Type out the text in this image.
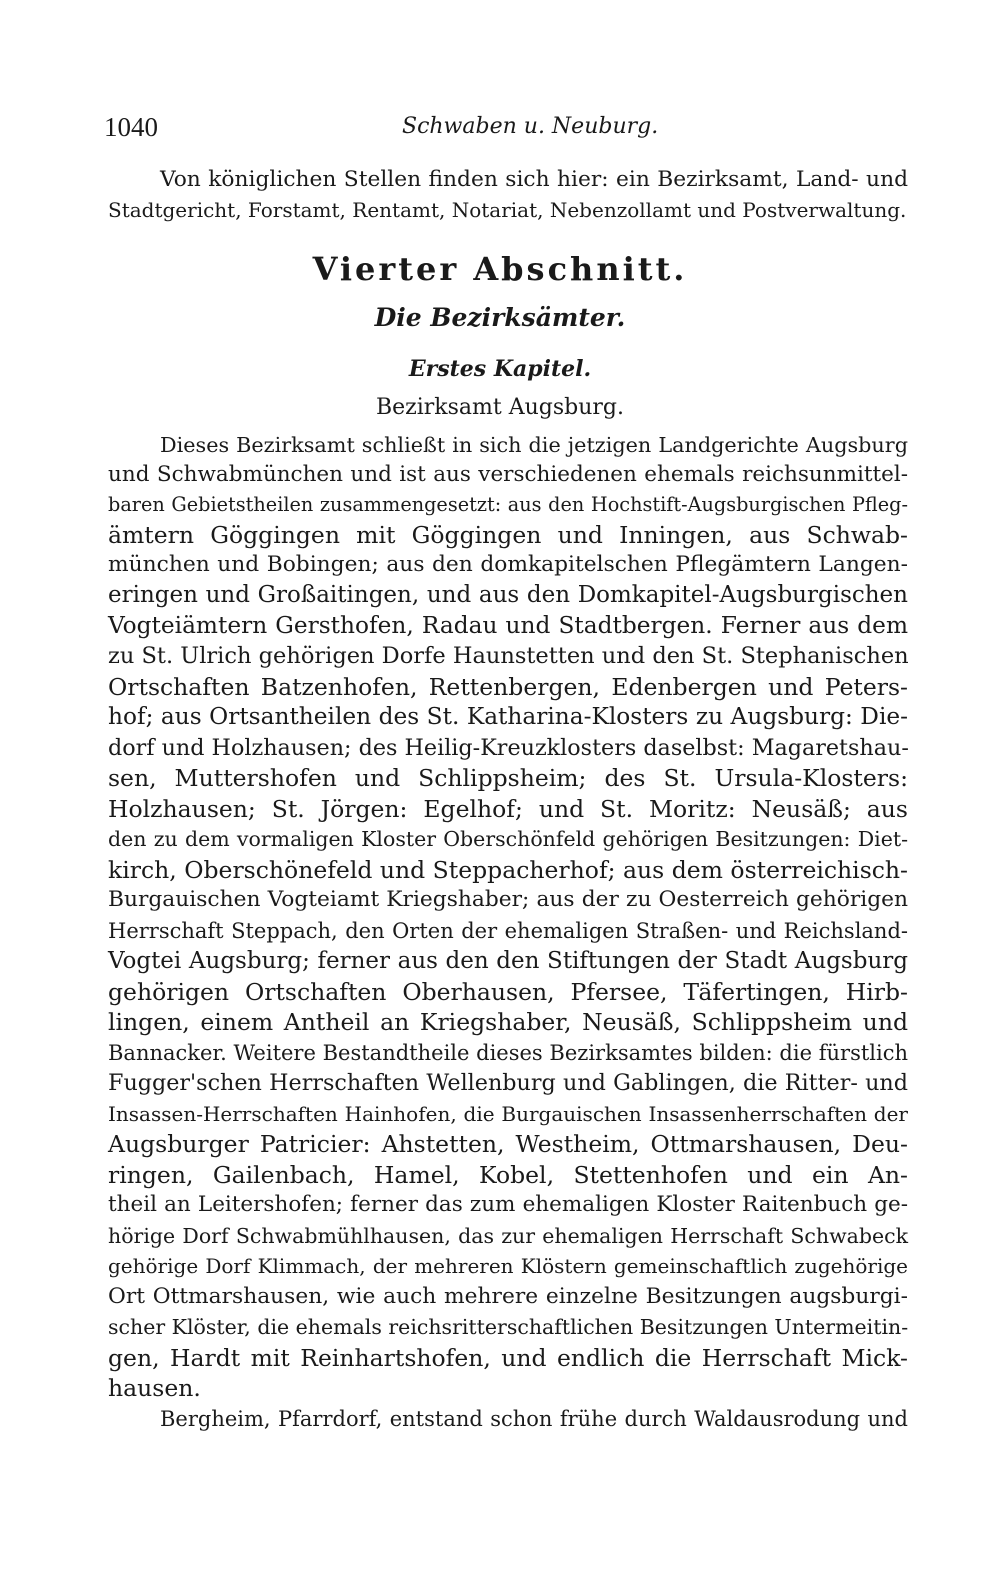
1040	Schwaben u. Neuburg.
Von königlichen Stellen finden sich hier: ein Bezirksamt, Land- und
Stadtgericht, Forstamt, Rentamt, Notariat, Nebenzollamt und Postverwaltung.
Vierter Abschnitt.
Die Bezirksämter.
Erstes Kapitel.
Bezirksamt Augsburg.
Dieses Bezirksamt schließt in sich die jetzigen Landgerichte Augsburg
und Schwabmünchen und ist aus verschiedenen ehemals reichsunmittel-
baren Gebietstheilen zusammengesetzt: aus den Hochstift-Augsburgischen Pfleg-
ämtern Göggingen mit Göggingen und Inningen, aus Schwab-
münchen und Bobingen; aus den domkapitelschen Pflegämtern Langen-
eringen und Großaitingen, und aus den Domkapitel-Augsburgischen
Vogteiämtern Gersthofen, Radau und Stadtbergen. Ferner aus dem
zu St. Ulrich gehörigen Dorfe Haunstetten und den St. Stephanischen
Ortschaften Batzenhofen, Rettenbergen, Edenbergen und Peters-
hof; aus Ortsantheilen des St. Katharina-Klosters zu Augsburg: Die-
dorf und Holzhausen; des Heilig-Kreuzklosters daselbst: Magaretshau-
sen, Muttershofen und Schlippsheim; des St. Ursula-Klosters:
Holzhausen; St. Jörgen: Egelhof; und St. Moritz: Neusäß; aus
den zu dem vormaligen Kloster Oberschönfeld gehörigen Besitzungen: Diet-
kirch, Oberschönefeld und Steppacherhof; aus dem österreichisch-
Burgauischen Vogteiamt Kriegshaber; aus der zu Oesterreich gehörigen
Herrschaft Steppach, den Orten der ehemaligen Straßen- und Reichsland-
Vogtei Augsburg; ferner aus den den Stiftungen der Stadt Augsburg
gehörigen Ortschaften Oberhausen, Pfersee, Täfertingen, Hirb-
lingen, einem Antheil an Kriegshaber, Neusäß, Schlippsheim und
Bannacker. Weitere Bestandtheile dieses Bezirksamtes bilden: die fürstlich
Fugger'schen Herrschaften Wellenburg und Gablingen, die Ritter- und
Insassen-Herrschaften Hainhofen, die Burgauischen Insassenherrschaften der
Augsburger Patricier: Ahstetten, Westheim, Ottmarshausen, Deu-
ringen, Gailenbach, Hamel, Kobel, Stettenhofen und ein An-
theil an Leitershofen; ferner das zum ehemaligen Kloster Raitenbuch ge-
hörige Dorf Schwabmühlhausen, das zur ehemaligen Herrschaft Schwabeck
gehörige Dorf Klimmach, der mehreren Klöstern gemeinschaftlich zugehörige
Ort Ottmarshausen, wie auch mehrere einzelne Besitzungen augsburgi-
scher Klöster, die ehemals reichsritterschaftlichen Besitzungen Untermeitin-
gen, Hardt mit Reinhartshofen, und endlich die Herrschaft Mick-
hausen.
Bergheim, Pfarrdorf, entstand schon frühe durch Waldausrodung und
